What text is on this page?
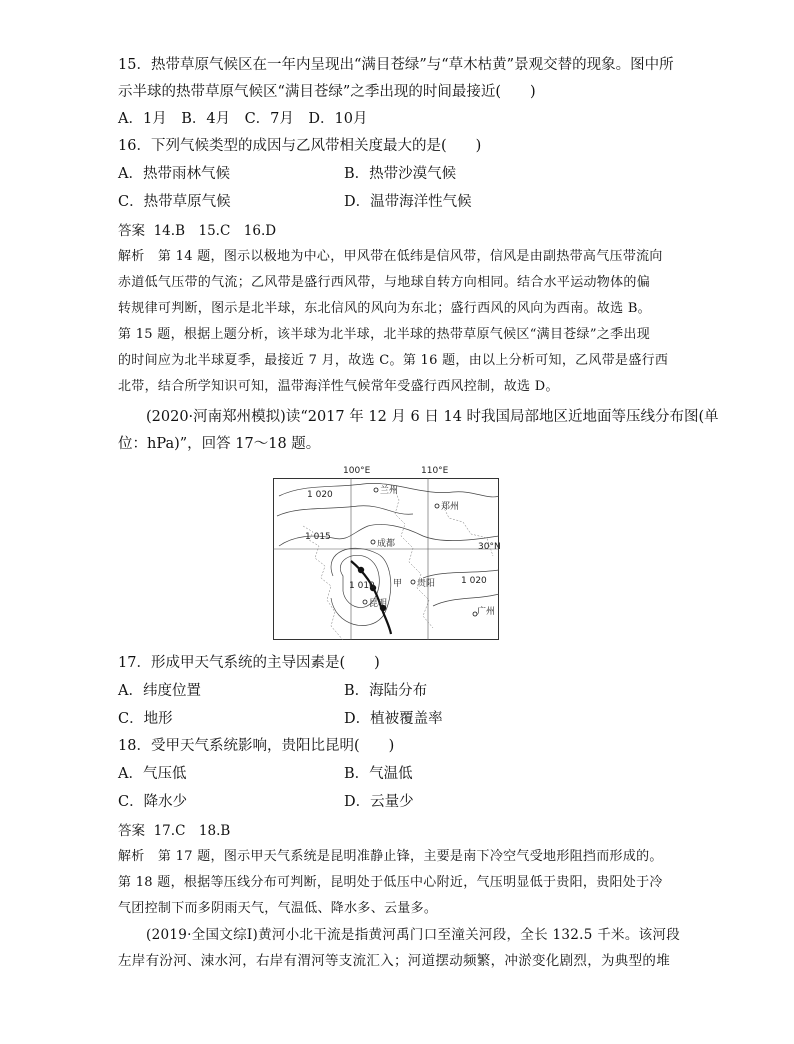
15．热带草原气候区在一年内呈现出“满目苍绿”与“草木枯黄”景观交替的现象。图中所
示半球的热带草原气候区“满目苍绿”之季出现的时间最接近(　　)
A．1月　B．4月　C．7月　D．10月
16．下列气候类型的成因与乙风带相关度最大的是(　　)
A．热带雨林气候	B．热带沙漠气候
C．热带草原气候	D．温带海洋性气候
答案 14.B　15.C　16.D
解析 第 14 题，图示以极地为中心，甲风带在低纬是信风带，信风是由副热带高气压带流向
赤道低气压带的气流；乙风带是盛行西风带，与地球自转方向相同。结合水平运动物体的偏
转规律可判断，图示是北半球，东北信风的风向为东北；盛行西风的风向为西南。故选 B。
第 15 题，根据上题分析，该半球为北半球，北半球的热带草原气候区“满目苍绿”之季出现
的时间应为北半球夏季，最接近 7 月，故选 C。第 16 题，由以上分析可知，乙风带是盛行西
北带，结合所学知识可知，温带海洋性气候常年受盛行西风控制，故选 D。
(2020·河南郑州模拟)读“2017 年 12 月 6 日 14 时我国局部地区近地面等压线分布图(单
位：hPa)”，回答 17～18 题。
100°E	110°E
30°N
兰州
郑州
成都
贵阳
昆明
广州
甲
1 020
1 015
1 010	1 020
17．形成甲天气系统的主导因素是(　　)
A．纬度位置	B．海陆分布
C．地形	D．植被覆盖率
18．受甲天气系统影响，贵阳比昆明(　　)
A．气压低	B．气温低
C．降水少	D．云量少
答案 17.C　18.B
解析 第 17 题，图示甲天气系统是昆明准静止锋，主要是南下冷空气受地形阻挡而形成的。
第 18 题，根据等压线分布可判断，昆明处于低压中心附近，气压明显低于贵阳，贵阳处于冷
气团控制下而多阴雨天气，气温低、降水多、云量多。
(2019·全国文综Ⅰ)黄河小北干流是指黄河禹门口至潼关河段，全长 132.5 千米。该河段
左岸有汾河、涑水河，右岸有渭河等支流汇入；河道摆动频繁，冲淤变化剧烈，为典型的堆
